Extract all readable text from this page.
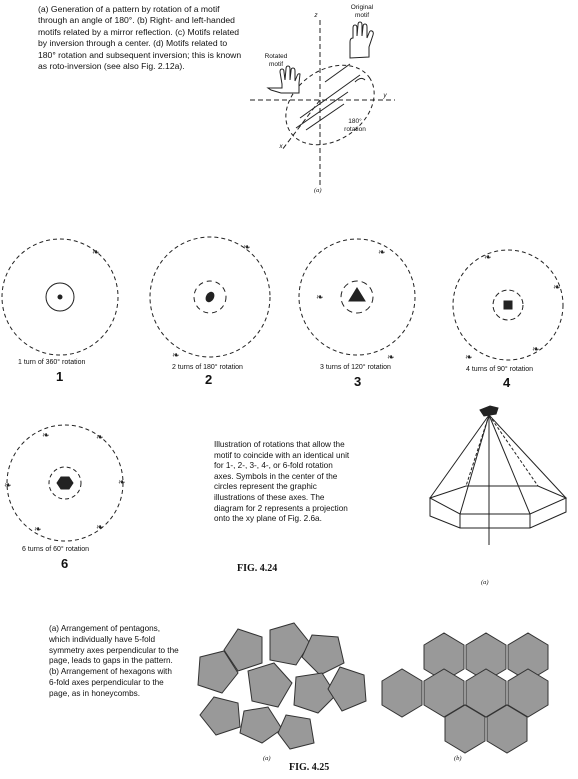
(a) Generation of a pattern by rotation of a motif through an angle of 180°. (b) Right- and left-handed motifs related by a mirror reflection. (c) Motifs related by inversion through a center. (d) Motifs related to 180° rotation and subsequent inversion; this is known as roto-inversion (see also Fig. 2.12a).
Original
motif
Rotated
motif
180°
rotation
z
y
x
(a)
❧	❧
❧
❧
❧
❧
❧
❧
❧
❧
❧	❧
❧
❧
❧
❧
1 turn of 360° rotation
1
2 turns of 180° rotation
2
3 turns of 120° rotation
3
4 turns of 90° rotation
4
6 turns of 60° rotation
6
Illustration of rotations that allow the motif to coincide with an identical unit for 1-, 2-, 3-, 4-, or 6-fold rotation axes. Symbols in the center of the circles represent the graphic illustrations of these axes. The diagram for 2 represents a projection onto the xy plane of Fig. 2.6a.
FIG. 4.24
(a)
(a) Arrangement of pentagons, which individually have 5-fold symmetry axes perpendicular to the page, leads to gaps in the pattern. (b) Arrangement of hexagons with 6-fold axes perpendicular to the page, as in honeycombs.
(a)	(b)
FIG. 4.25
